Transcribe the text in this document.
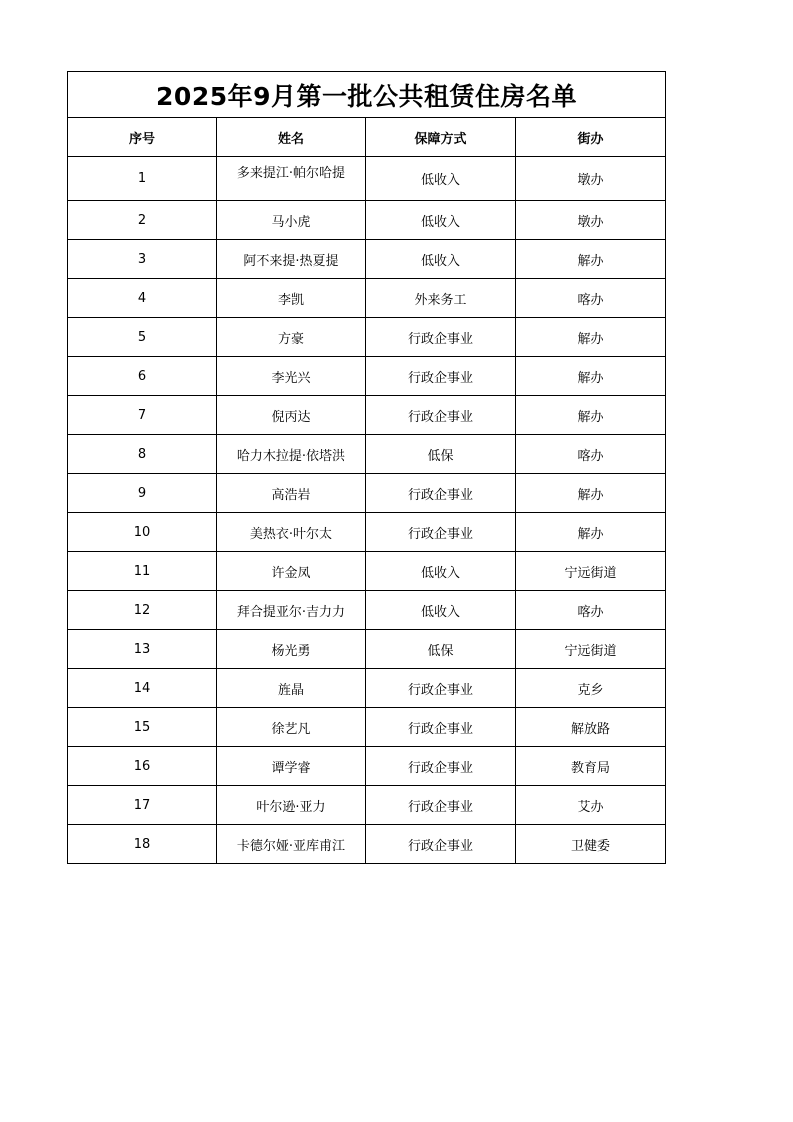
2025年9月第一批公共租赁住房名单			
序号	姓名	保障方式	街办
1	多来提江·帕尔哈提	低收入	墩办
2	马小虎	低收入	墩办
3	阿不来提·热夏提	低收入	解办
4	李凯	外来务工	喀办
5	方豪	行政企事业	解办
6	李光兴	行政企事业	解办
7	倪丙达	行政企事业	解办
8	哈力木拉提·依塔洪	低保	喀办
9	高浩岩	行政企事业	解办
10	美热衣·叶尔太	行政企事业	解办
11	许金凤	低收入	宁远街道
12	拜合提亚尔·吉力力	低收入	喀办
13	杨光勇	低保	宁远街道
14	旌晶	行政企事业	克乡
15	徐艺凡	行政企事业	解放路
16	谭学睿	行政企事业	教育局
17	叶尔逊·亚力	行政企事业	艾办
18	卡德尔娅·亚库甫江	行政企事业	卫健委
